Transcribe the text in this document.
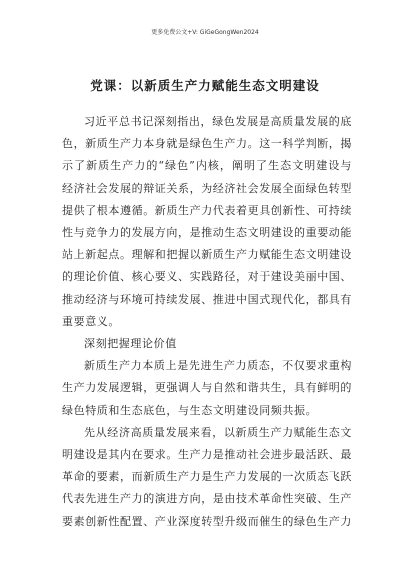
更多免费公文+V: GiGeGongWen2024
党课：以新质生产力赋能生态文明建设

习近平总书记深刻指出，绿色发展是高质量发展的底色，新质生产力本身就是绿色生产力。这一科学判断，揭示了新质生产力的“绿色”内核，阐明了生态文明建设与经济社会发展的辩证关系，为经济社会发展全面绿色转型提供了根本遵循。新质生产力代表着更具创新性、可持续性与竞争力的发展方向，是推动生态文明建设的重要动能站上新起点。理解和把握以新质生产力赋能生态文明建设的理论价值、核心要义、实践路径，对于建设美丽中国、推动经济与环境可持续发展、推进中国式现代化，都具有重要意义。

深刻把握理论价值

新质生产力本质上是先进生产力质态，不仅要求重构生产力发展逻辑，更强调人与自然和谐共生，具有鲜明的绿色特质和生态底色，与生态文明建设同频共振。

先从经济高质量发展来看，以新质生产力赋能生态文明建设是其内在要求。生产力是推动社会进步最活跃、最革命的要素，而新质生产力是生产力发展的一次质态飞跃代表先进生产力的演进方向，是由技术革命性突破、生产要素创新性配置、产业深度转型升级而催生的绿色生产力
